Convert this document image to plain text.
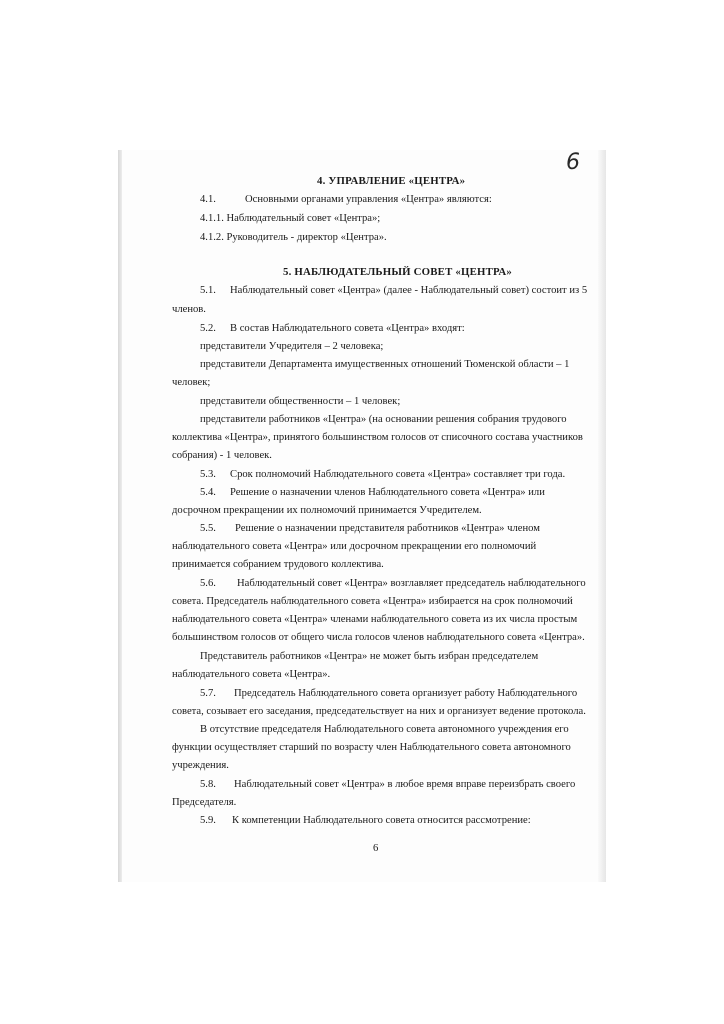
6
4. УПРАВЛЕНИЕ «ЦЕНТРА»
4.1.	Основными органами управления «Центра» являются:
4.1.1. Наблюдательный совет «Центра»;
4.1.2. Руководитель - директор «Центра».
5. НАБЛЮДАТЕЛЬНЫЙ СОВЕТ «ЦЕНТРА»
5.1. Наблюдательный совет «Центра» (далее - Наблюдательный совет) состоит из 5
членов.
5.2. В состав Наблюдательного совета «Центра» входят:
представители Учредителя – 2 человека;
представители Департамента имущественных отношений Тюменской области – 1
человек;
представители общественности – 1 человек;
представители работников «Центра» (на основании решения собрания трудового
коллектива «Центра», принятого большинством голосов от списочного состава участников
собрания) - 1 человек.
5.3. Срок полномочий Наблюдательного совета «Центра» составляет три года.
5.4. Решение о назначении членов Наблюдательного совета «Центра» или
досрочном прекращении их полномочий принимается Учредителем.
5.5. Решение о назначении представителя работников «Центра» членом
наблюдательного совета «Центра» или досрочном прекращении его полномочий
принимается собранием трудового коллектива.
5.6. Наблюдательный совет «Центра» возглавляет председатель наблюдательного
совета. Председатель наблюдательного совета «Центра» избирается на срок полномочий
наблюдательного совета «Центра» членами наблюдательного совета из их числа простым
большинством голосов от общего числа голосов членов наблюдательного совета «Центра».
Представитель работников «Центра» не может быть избран председателем
наблюдательного совета «Центра».
5.7. Председатель Наблюдательного совета организует работу Наблюдательного
совета, созывает его заседания, председательствует на них и организует ведение протокола.
В отсутствие председателя Наблюдательного совета автономного учреждения его
функции осуществляет старший по возрасту член Наблюдательного совета автономного
учреждения.
5.8. Наблюдательный совет «Центра» в любое время вправе переизбрать своего
Председателя.
5.9. К компетенции Наблюдательного совета относится рассмотрение:
6
